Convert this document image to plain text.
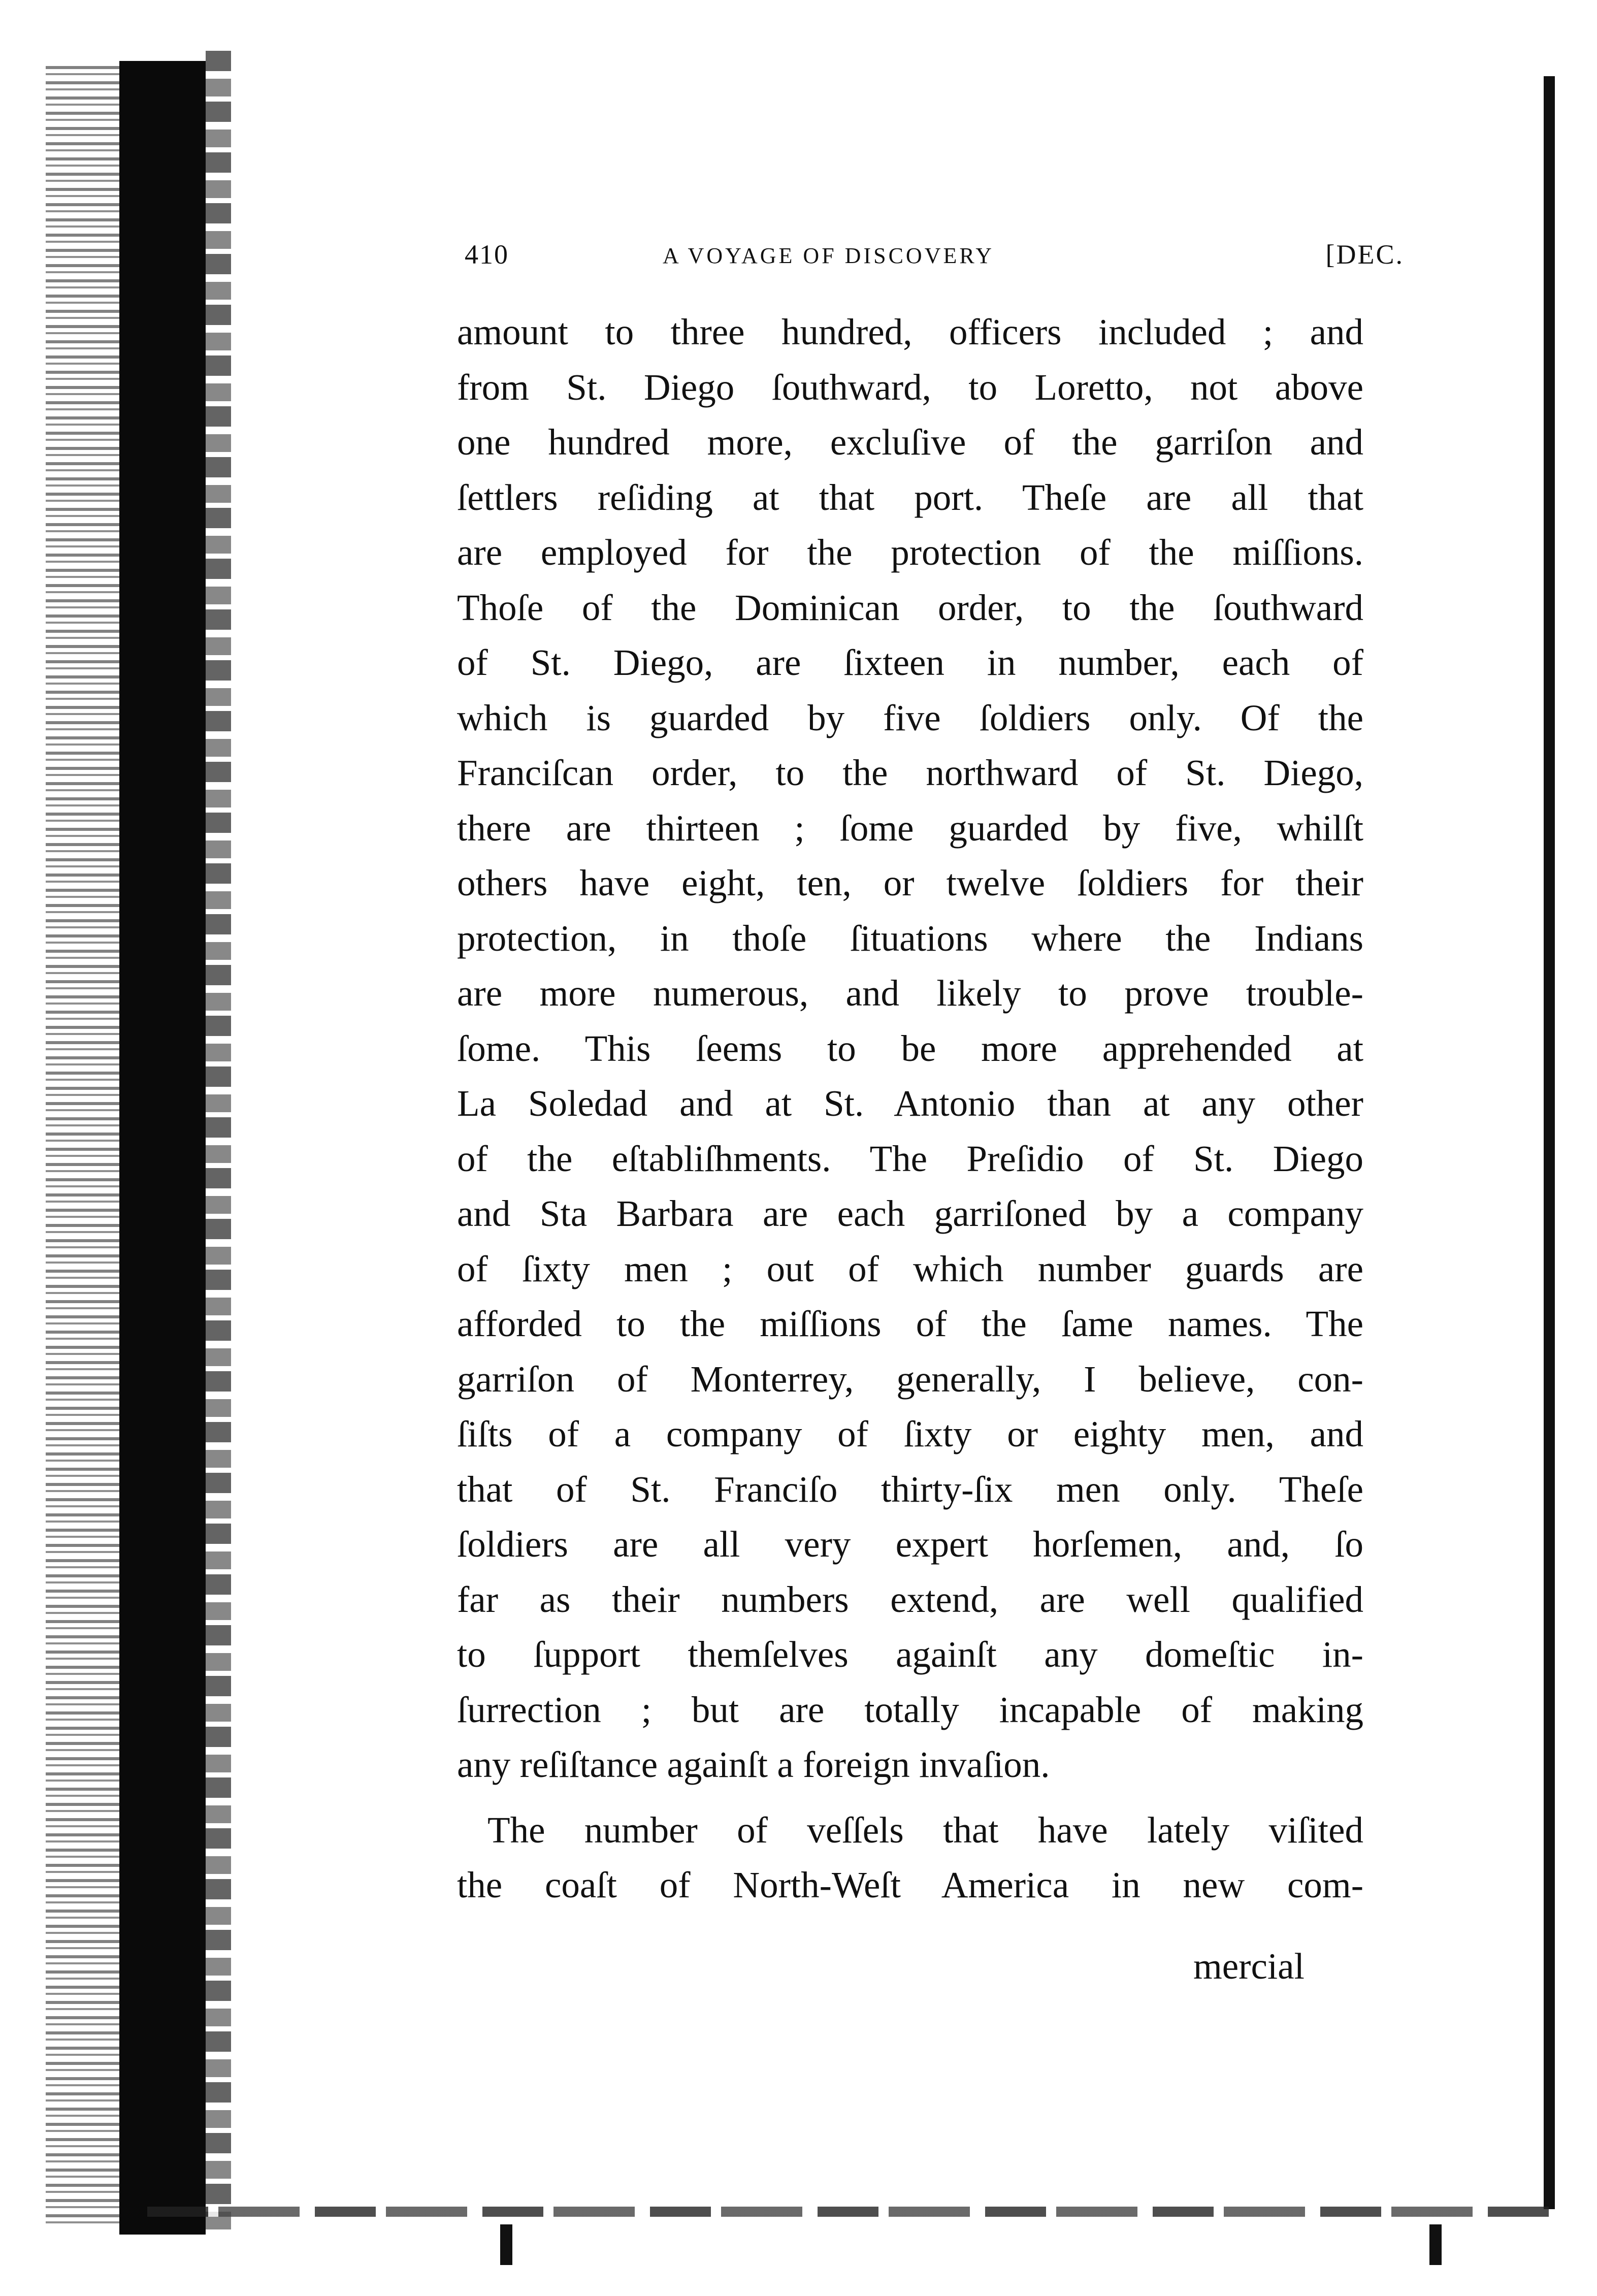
410	A VOYAGE OF DISCOVERY	[DEC.
amount to three hundred, officers included ; and
from St. Diego ſouthward, to Loretto, not above
one hundred more, excluſive of the garriſon and
ſettlers reſiding at that port. Theſe are all that
are employed for the protection of the miſſions.
Thoſe of the Dominican order, to the ſouthward
of St. Diego, are ſixteen in number, each of
which is guarded by five ſoldiers only. Of the
Franciſcan order, to the northward of St. Diego,
there are thirteen ; ſome guarded by five, whilſt
others have eight, ten, or twelve ſoldiers for their
protection, in thoſe ſituations where the Indians
are more numerous, and likely to prove trouble-
ſome. This ſeems to be more apprehended at
La Soledad and at St. Antonio than at any other
of the eſtabliſhments. The Preſidio of St. Diego
and Sta Barbara are each garriſoned by a company
of ſixty men ; out of which number guards are
afforded to the miſſions of the ſame names. The
garriſon of Monterrey, generally, I believe, con-
ſiſts of a company of ſixty or eighty men, and
that of St. Franciſo thirty-ſix men only. Theſe
ſoldiers are all very expert horſemen, and, ſo
far as their numbers extend, are well qualified
to ſupport themſelves againſt any domeſtic in-
ſurrection ; but are totally incapable of making
any reſiſtance againſt a foreign invaſion.
The number of veſſels that have lately viſited
the coaſt of North-Weſt America in new com-
mercial
